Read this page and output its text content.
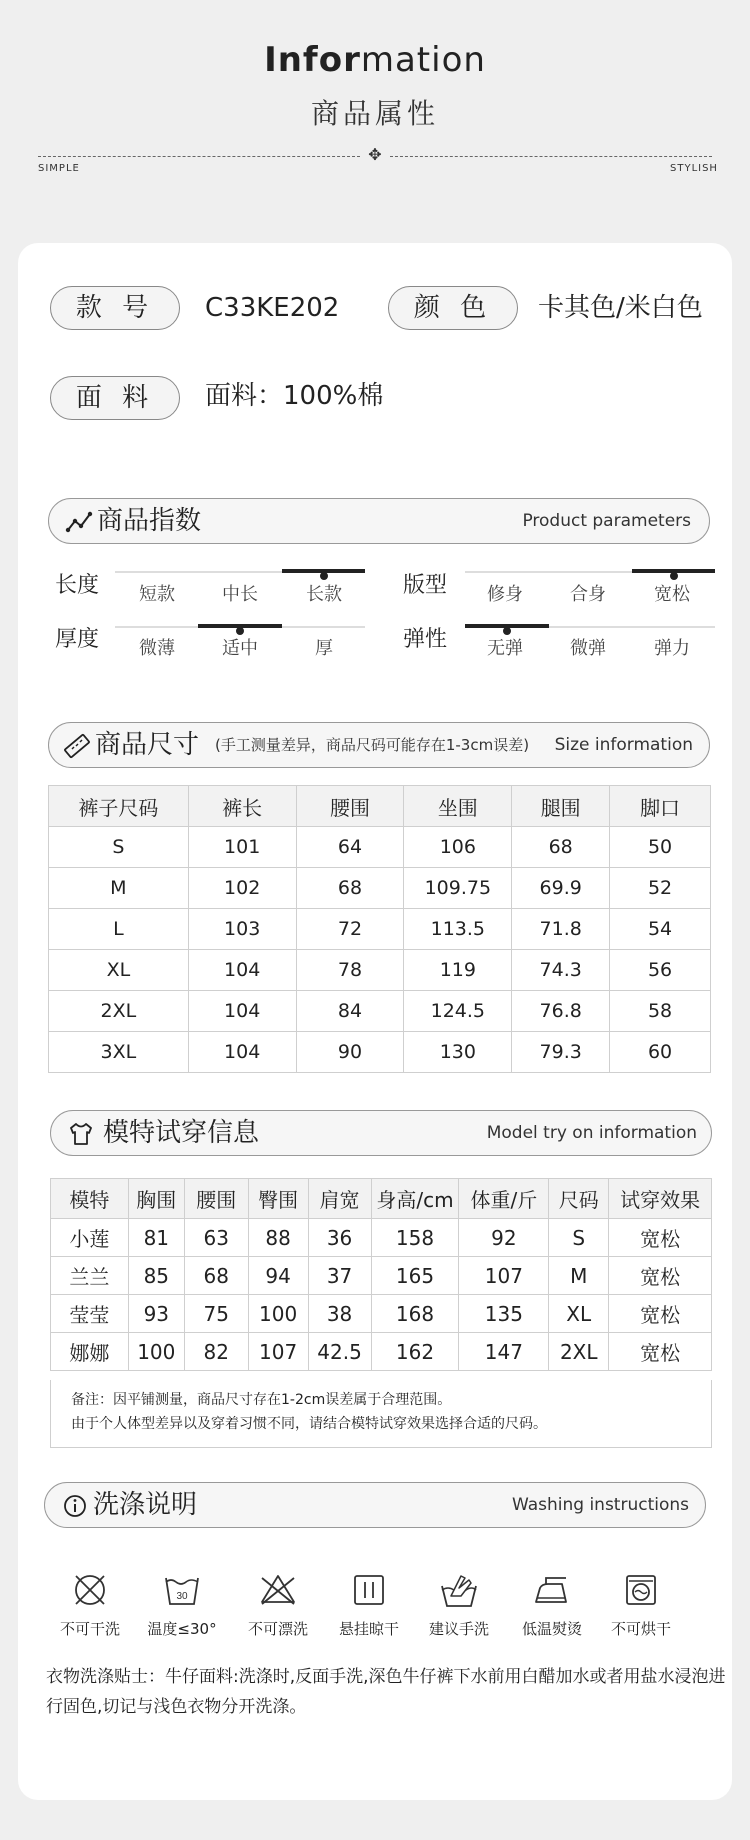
Information
商品属性
✥
SIMPLE	STYLISH
款 号	C33KE202	颜 色	卡其色/米白色
面 料	面料：100%棉
商品指数	Product parameters
长度	短款	中长	长款	版型	修身	合身	宽松
厚度	微薄	适中	厚	弹性	无弹	微弹	弹力
商品尺寸 (手工测量差异，商品尺码可能存在1-3cm误差) Size information
裤子尺码	裤长	腰围	坐围	腿围	脚口
S	101	64	106	68	50
M	102	68	109.75	69.9	52
L	103	72	113.5	71.8	54
XL	104	78	119	74.3	56
2XL	104	84	124.5	76.8	58
3XL	104	90	130	79.3	60
模特试穿信息	Model try on information
模特	胸围	腰围	臀围	肩宽	身高/cm	体重/斤	尺码	试穿效果
小莲	81	63	88	36	158	92	S	宽松
兰兰	85	68	94	37	165	107	M	宽松
莹莹	93	75	100	38	168	135	XL	宽松
娜娜	100	82	107	42.5	162	147	2XL	宽松
备注：因平铺测量，商品尺寸存在1-2cm误差属于合理范围。
由于个人体型差异以及穿着习惯不同，请结合模特试穿效果选择合适的尺码。
洗涤说明	Washing instructions
不可干洗
30
温度≤30°	不可漂洗	悬挂晾干	建议手洗	低温熨烫	不可烘干
衣物洗涤贴士：牛仔面料:洗涤时,反面手洗,深色牛仔裤下水前用白醋加水或者用盐水浸泡进行固色,切记与浅色衣物分开洗涤。
